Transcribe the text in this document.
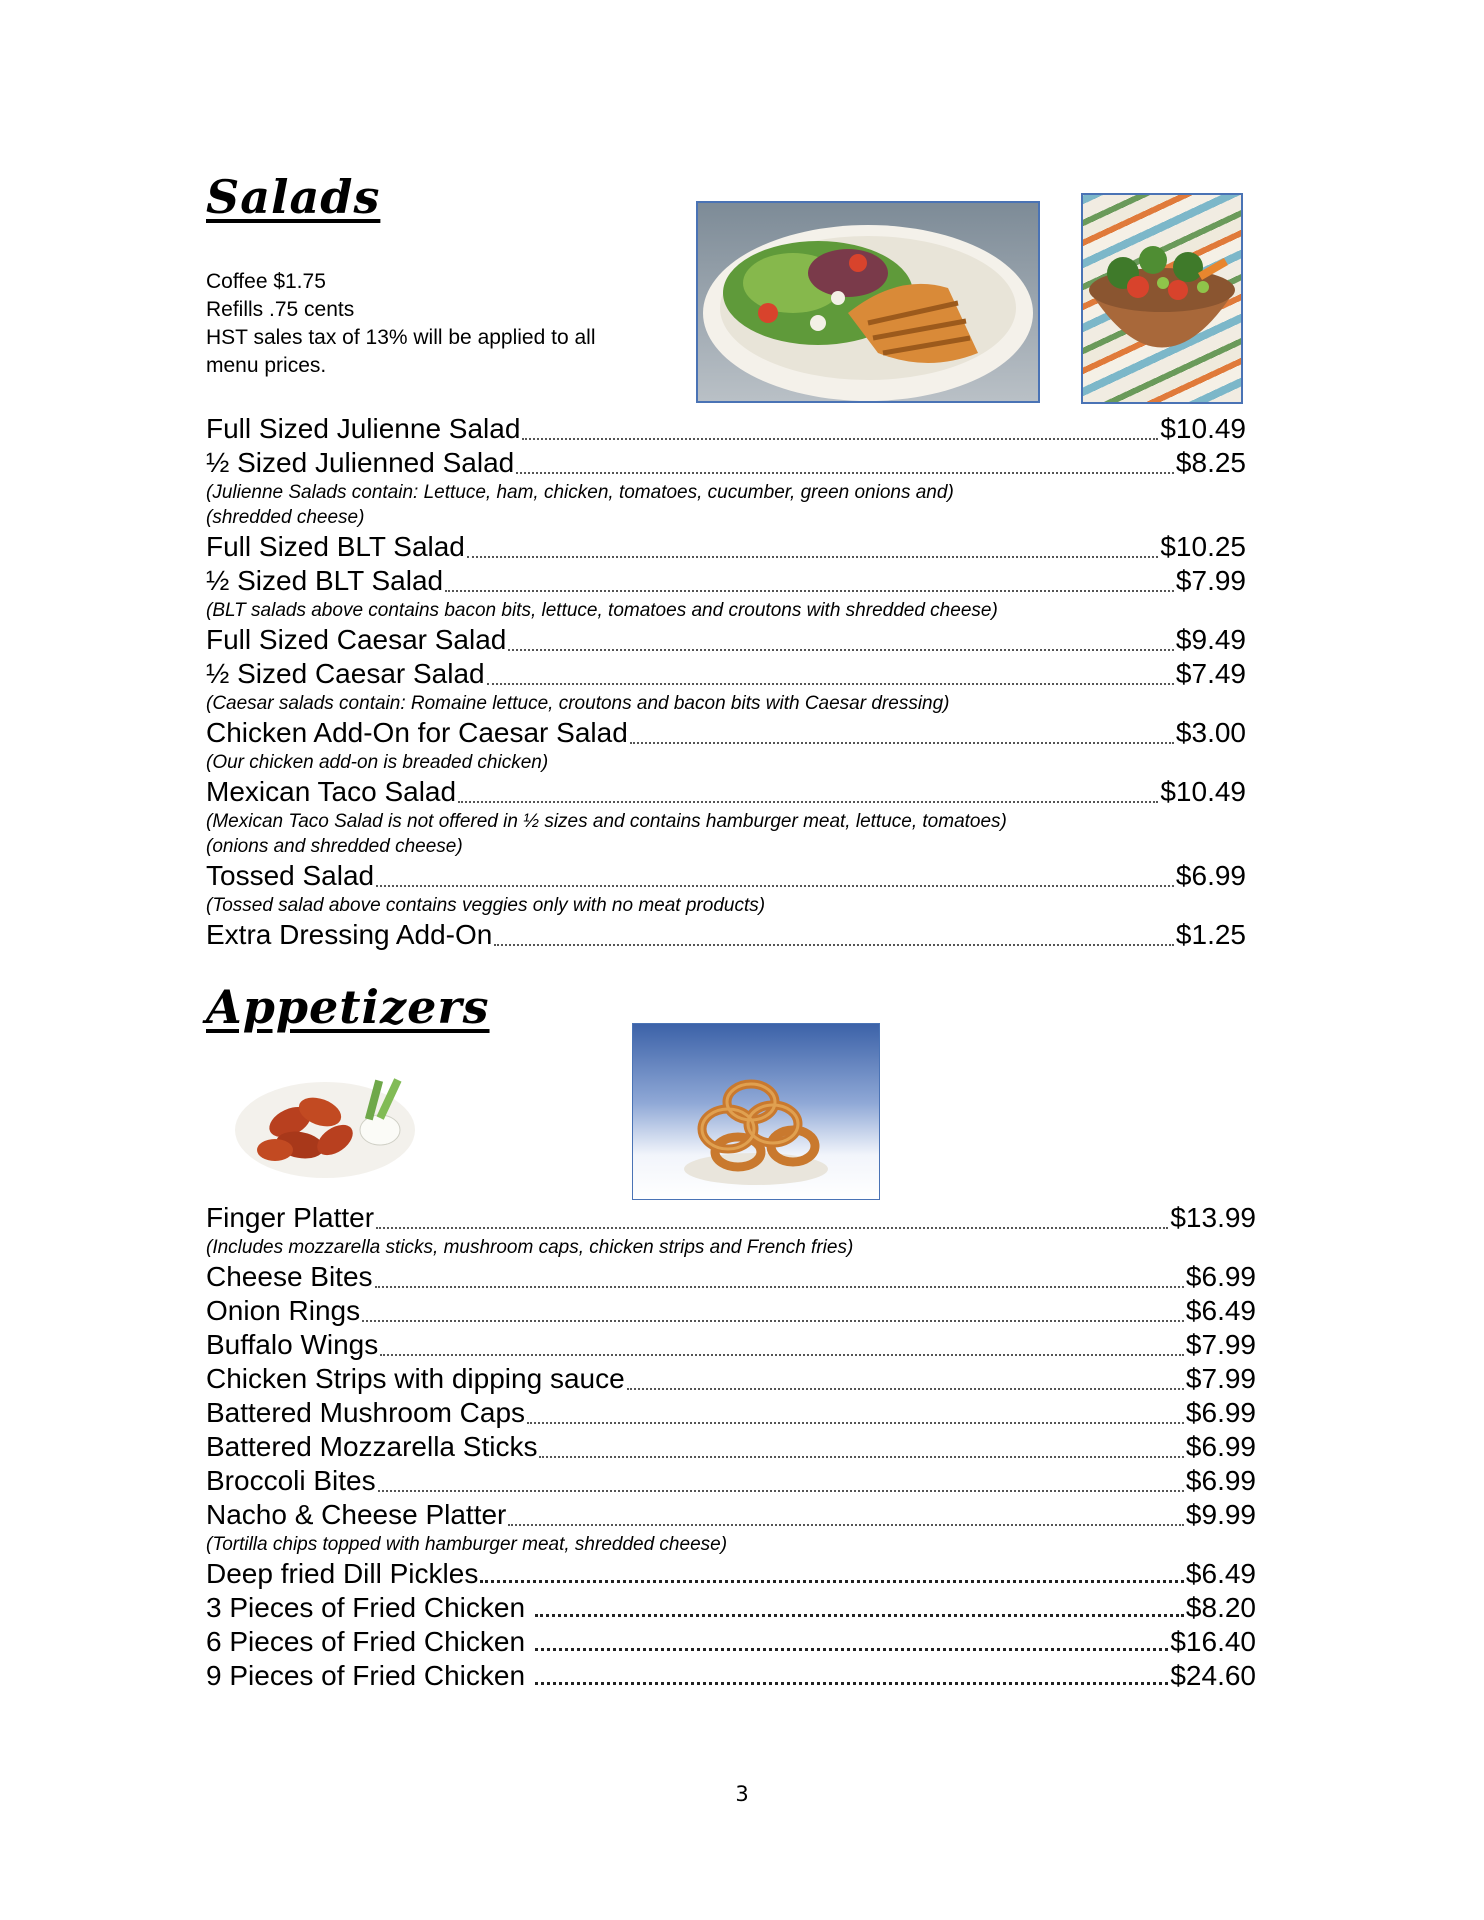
Salads
Coffee $1.75
Refills .75 cents
HST sales tax of 13% will be applied to all
menu prices.
Full Sized Julienne Salad	$10.49
½ Sized Julienned Salad	$8.25
(Julienne Salads contain: Lettuce, ham, chicken, tomatoes, cucumber, green onions and)
(shredded cheese)
Full Sized BLT Salad	$10.25
½ Sized BLT Salad	$7.99
(BLT salads above contains bacon bits, lettuce, tomatoes and croutons with shredded cheese)
Full Sized Caesar Salad	$9.49
½ Sized Caesar Salad	$7.49
(Caesar salads contain: Romaine lettuce, croutons and bacon bits with Caesar dressing)
Chicken Add-On for Caesar Salad	$3.00
(Our chicken add-on is breaded chicken)
Mexican Taco Salad	$10.49
(Mexican Taco Salad is not offered in ½ sizes and contains hamburger meat, lettuce, tomatoes)
(onions and shredded cheese)
Tossed Salad	$6.99
(Tossed salad above contains veggies only with no meat products)
Extra Dressing Add-On	$1.25
Appetizers
Finger Platter	$13.99
(Includes mozzarella sticks, mushroom caps, chicken strips and French fries)
Cheese Bites	$6.99
Onion Rings	$6.49
Buffalo Wings	$7.99
Chicken Strips with dipping sauce	$7.99
Battered Mushroom Caps	$6.99
Battered Mozzarella Sticks	$6.99
Broccoli Bites	$6.99
Nacho & Cheese Platter	$9.99
(Tortilla chips topped with hamburger meat, shredded cheese)
Deep fried Dill Pickles	$6.49
3 Pieces of Fried Chicken	$8.20
6 Pieces of Fried Chicken	$16.40
9 Pieces of Fried Chicken	$24.60
3
